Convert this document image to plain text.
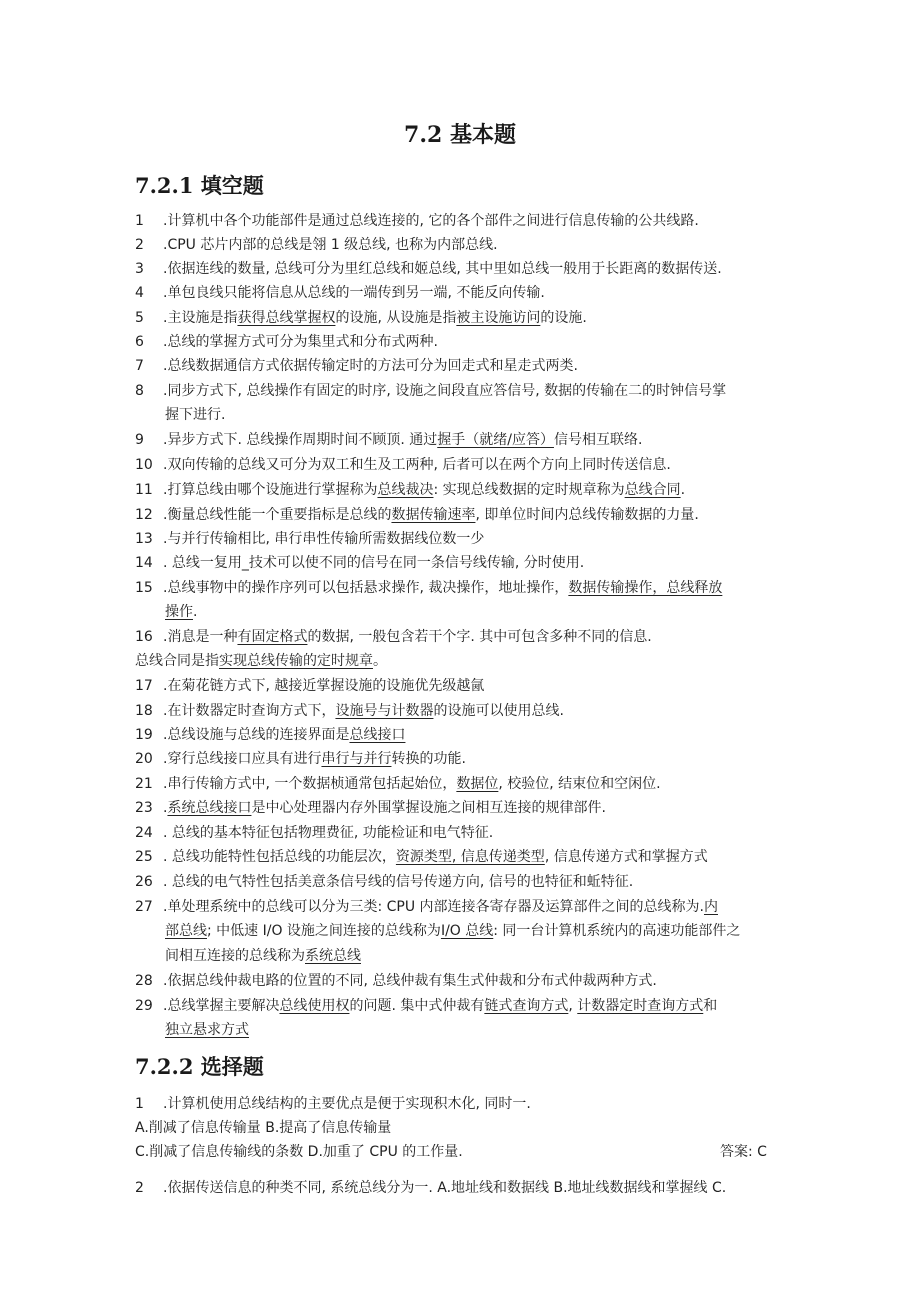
7.2 基本题
7.2.1 填空题
1 .计算机中各个功能部件是通过总线连接的, 它的各个部件之间进行信息传输的公共线路.
2 .CPU 芯片内部的总线是翎 1 级总线, 也称为内部总线.
3 .依据连线的数量, 总线可分为里红总线和姬总线, 其中里如总线一般用于长距离的数据传送.
4 .单包良线只能将信息从总线的一端传到另一端, 不能反向传输.
5 .主设施是指获得总线掌握权的设施, 从设施是指被主设施访问的设施.
6 .总线的掌握方式可分为集里式和分布式两种.
7 .总线数据通信方式依据传输定时的方法可分为回走式和星走式两类.
8 .同步方式下, 总线操作有固定的时序, 设施之间段直应答信号, 数据的传输在二的时钟信号掌
握下进行.
9 .异步方式下. 总线操作周期时间不顾顶. 通过握手（就绪/应答）信号相互联络.
10 .双向传输的总线又可分为双工和生及工两种, 后者可以在两个方向上同时传送信息.
11 .打算总线由哪个设施进行掌握称为总线裁决: 实现总线数据的定时规章称为总线合同.
12 .衡量总线性能一个重要指标是总线的数据传输速率, 即单位时间内总线传输数据的力量.
13 .与并行传输相比, 串行串性传输所需数据线位数一少
14 . 总线一复用_技术可以使不同的信号在同一条信号线传输, 分时使用.
15 .总线事物中的操作序列可以包括悬求操作, 裁决操作，地址操作，数据传输操作，总线释放
操作.
16 .消息是一种有固定格式的数据, 一般包含若干个字. 其中可包含多种不同的信息.
总线合同是指实现总线传输的定时规章。
17 .在菊花链方式下, 越接近掌握设施的设施优先级越氤
18 .在计数器定时查询方式下，设施号与计数器的设施可以使用总线.
19 .总线设施与总线的连接界面是总线接口
20 .穿行总线接口应具有进行串行与并行转换的功能.
21 .串行传输方式中, 一个数据桢通常包括起始位，数据位, 校验位, 结束位和空闲位.
23 .系统总线接口是中心处理器内存外围掌握设施之间相互连接的规律部件.
24 . 总线的基本特征包括物理费征, 功能检证和电气特征.
25 . 总线功能特性包括总线的功能层次，资源类型, 信息传递类型, 信息传递方式和掌握方式
26 . 总线的电气特性包括美意条信号线的信号传递方向, 信号的也特征和蚯特征.
27 .单处理系统中的总线可以分为三类: CPU 内部连接各寄存器及运算部件之间的总线称为.内
部总线; 中低速 I/O 设施之间连接的总线称为I/O 总线: 同一台计算机系统内的高速功能部件之
间相互连接的总线称为系统总线
28 .依据总线仲裁电路的位置的不同, 总线仲裁有集生式仲裁和分布式仲裁两种方式.
29 .总线掌握主要解决总线使用权的问题. 集中式仲裁有链式查询方式, 计数器定时查询方式和
独立悬求方式
7.2.2 选择题
1 .计算机使用总线结构的主要优点是便于实现积木化, 同时一.
A.削减了信息传输量 B.提高了信息传输量
C.削减了信息传输线的条数 D.加重了 CPU 的工作量.	答案: C
2 .依据传送信息的种类不同, 系统总线分为一. A.地址线和数据线 B.地址线数据线和掌握线 C.
